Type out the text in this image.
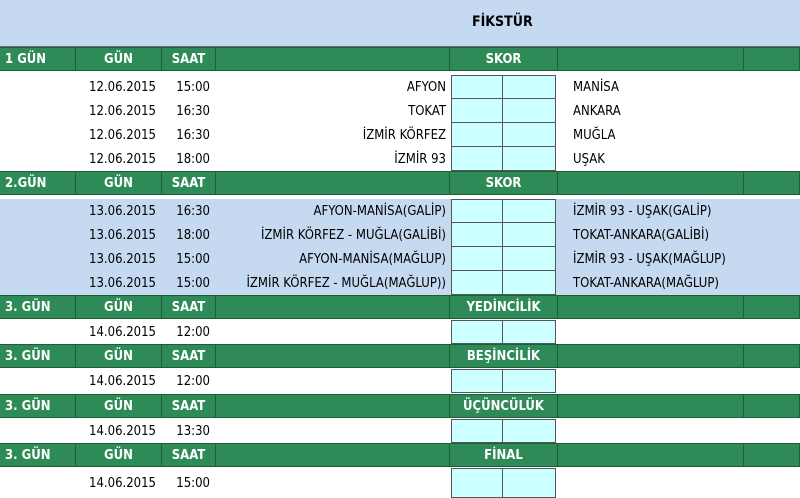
FİKSTÜR
1 GÜN	GÜN	SAAT	SKOR
12.06.2015	15:00	AFYON	MANİSA
12.06.2015	16:30	TOKAT	ANKARA
12.06.2015	16:30	İZMİR KÖRFEZ	MUĞLA
12.06.2015	18:00	İZMİR 93	UŞAK
2.GÜN	GÜN	SAAT	SKOR
13.06.2015	16:30	AFYON-MANİSA(GALİP)	İZMİR 93 - UŞAK(GALİP)
13.06.2015	18:00	İZMİR KÖRFEZ - MUĞLA(GALİBİ)	TOKAT-ANKARA(GALİBİ)
13.06.2015	15:00	AFYON-MANİSA(MAĞLUP)	İZMİR 93 - UŞAK(MAĞLUP)
13.06.2015	15:00	İZMİR KÖRFEZ - MUĞLA(MAĞLUP))	TOKAT-ANKARA(MAĞLUP)
3. GÜN	GÜN	SAAT	YEDİNCİLİK
14.06.2015	12:00
3. GÜN	GÜN	SAAT	BEŞİNCİLİK
14.06.2015	12:00
3. GÜN	GÜN	SAAT	ÜÇÜNCÜLÜK
14.06.2015	13:30
3. GÜN	GÜN	SAAT	FİNAL
14.06.2015	15:00
